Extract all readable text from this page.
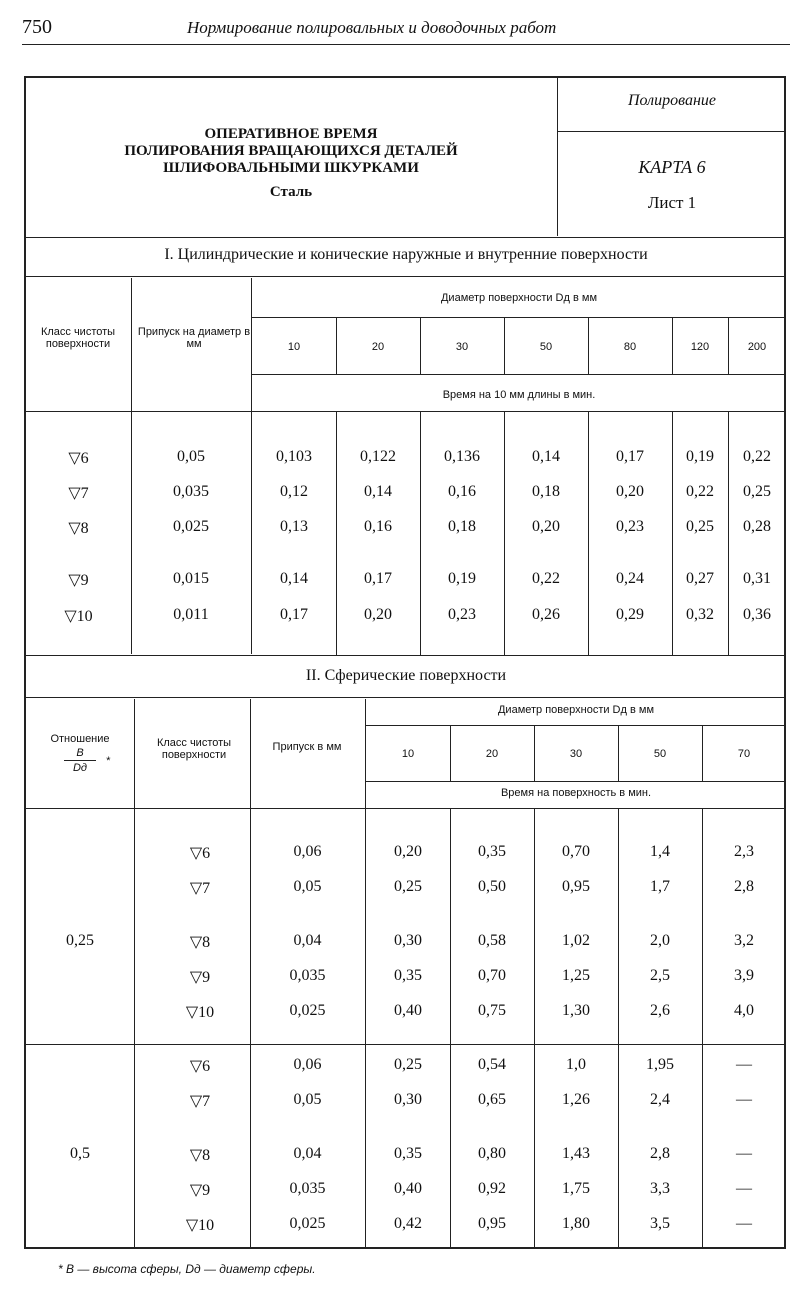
750	Нормирование полировальных и доводочных работ
ОПЕРАТИВНОЕ ВРЕМЯ
ПОЛИРОВАНИЯ ВРАЩАЮЩИХСЯ ДЕТАЛЕЙ
ШЛИФОВАЛЬНЫМИ ШКУРКАМИ
Сталь
Полирование
КАРТА 6
Лист 1
I. Цилиндрические и конические наружные и внутренние поверхности
Класс чистоты поверхности
Припуск на диаметр в мм
Диаметр поверхности Dд в мм
Время на 10 мм длины в мин.
10	20	30	50	80	120	200
▽6	0,05	0,103	0,122	0,136	0,14	0,17	0,19	0,22
▽7	0,035	0,12	0,14	0,16	0,18	0,20	0,22	0,25
▽8	0,025	0,13	0,16	0,18	0,20	0,23	0,25	0,28
▽9	0,015	0,14	0,17	0,19	0,22	0,24	0,27	0,31
▽10	0,011	0,17	0,20	0,23	0,26	0,29	0,32	0,36
II. Сферические поверхности
Отношение
B
Dд
*
Класс чистоты поверхности
Припуск в мм
Диаметр поверхности Dд в мм
Время на поверхность в мин.
10	20	30	50	70
0,25
▽6	0,06	0,20	0,35	0,70	1,4	2,3
▽7	0,05	0,25	0,50	0,95	1,7	2,8
▽8	0,04	0,30	0,58	1,02	2,0	3,2
▽9	0,035	0,35	0,70	1,25	2,5	3,9
▽10	0,025	0,40	0,75	1,30	2,6	4,0
0,5
▽6	0,06	0,25	0,54	1,0	1,95	—
▽7	0,05	0,30	0,65	1,26	2,4	—
▽8	0,04	0,35	0,80	1,43	2,8	—
▽9	0,035	0,40	0,92	1,75	3,3	—
▽10	0,025	0,42	0,95	1,80	3,5	—
* B — высота сферы, Dд — диаметр сферы.
